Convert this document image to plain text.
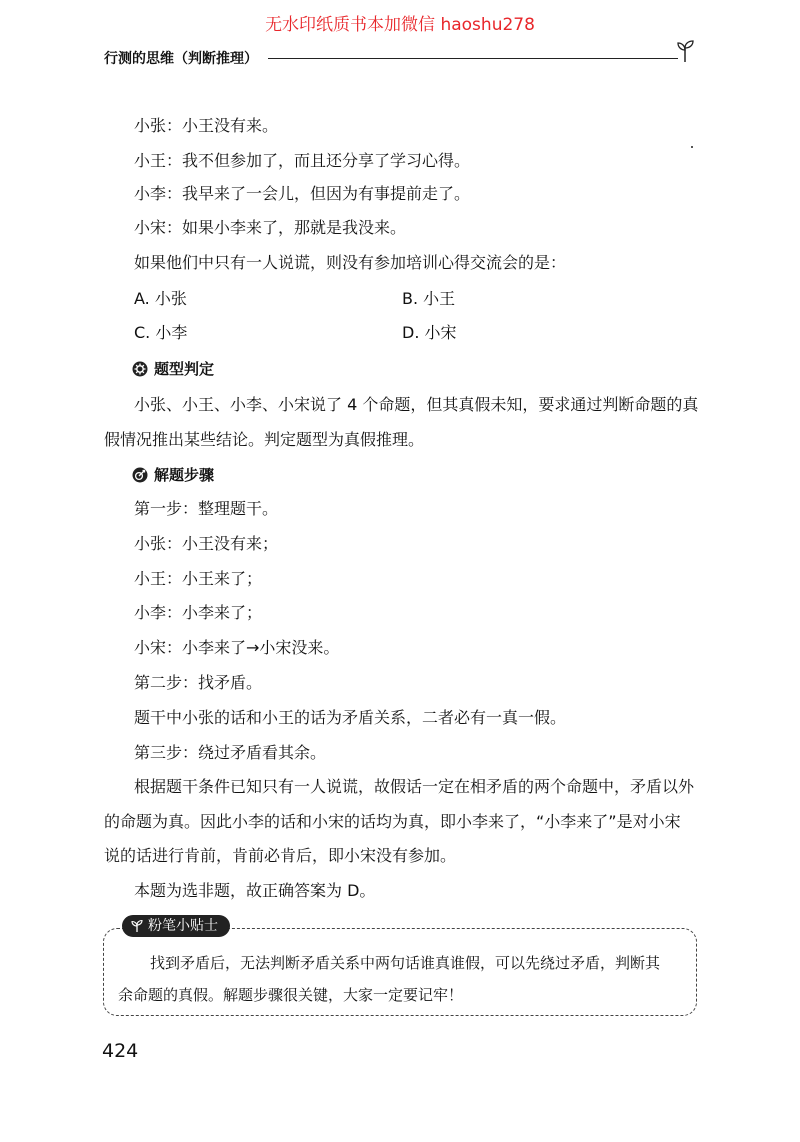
无水印纸质书本加微信 haoshu278
行测的思维（判断推理）
小张：小王没有来。
小王：我不但参加了，而且还分享了学习心得。
小李：我早来了一会儿，但因为有事提前走了。
小宋：如果小李来了，那就是我没来。
如果他们中只有一人说谎，则没有参加培训心得交流会的是：
A. 小张	B. 小王
C. 小李	D. 小宋
题型判定
小张、小王、小李、小宋说了 4 个命题，但其真假未知，要求通过判断命题的真
假情况推出某些结论。判定题型为真假推理。
解题步骤
第一步：整理题干。
小张：小王没有来；
小王：小王来了；
小李：小李来了；
小宋：小李来了→小宋没来。
第二步：找矛盾。
题干中小张的话和小王的话为矛盾关系，二者必有一真一假。
第三步：绕过矛盾看其余。
根据题干条件已知只有一人说谎，故假话一定在相矛盾的两个命题中，矛盾以外
的命题为真。因此小李的话和小宋的话均为真，即小李来了，“小李来了”是对小宋
说的话进行肯前，肯前必肯后，即小宋没有参加。
本题为选非题，故正确答案为 D。
粉笔小贴士
找到矛盾后，无法判断矛盾关系中两句话谁真谁假，可以先绕过矛盾，判断其
余命题的真假。解题步骤很关键，大家一定要记牢！
424
